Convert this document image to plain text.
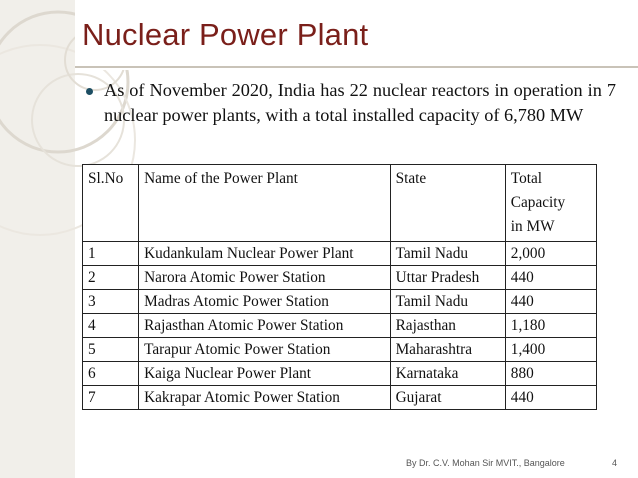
Nuclear Power Plant
As of November 2020, India has 22 nuclear reactors in operation in 7 nuclear power plants, with a total installed capacity of 6,780 MW
Sl.No	Name of the Power Plant	State	Total
Capacity
in MW

1	Kudankulam Nuclear Power Plant	Tamil Nadu	2,000
2	Narora Atomic Power Station	Uttar Pradesh	440
3	Madras Atomic Power Station	Tamil Nadu	440
4	Rajasthan Atomic Power Station	Rajasthan	1,180
5	Tarapur Atomic Power Station	Maharashtra	1,400
6	Kaiga Nuclear Power Plant	Karnataka	880
7	Kakrapar Atomic Power Station	Gujarat	440
By Dr. C.V. Mohan Sir MVIT., Bangalore	4
